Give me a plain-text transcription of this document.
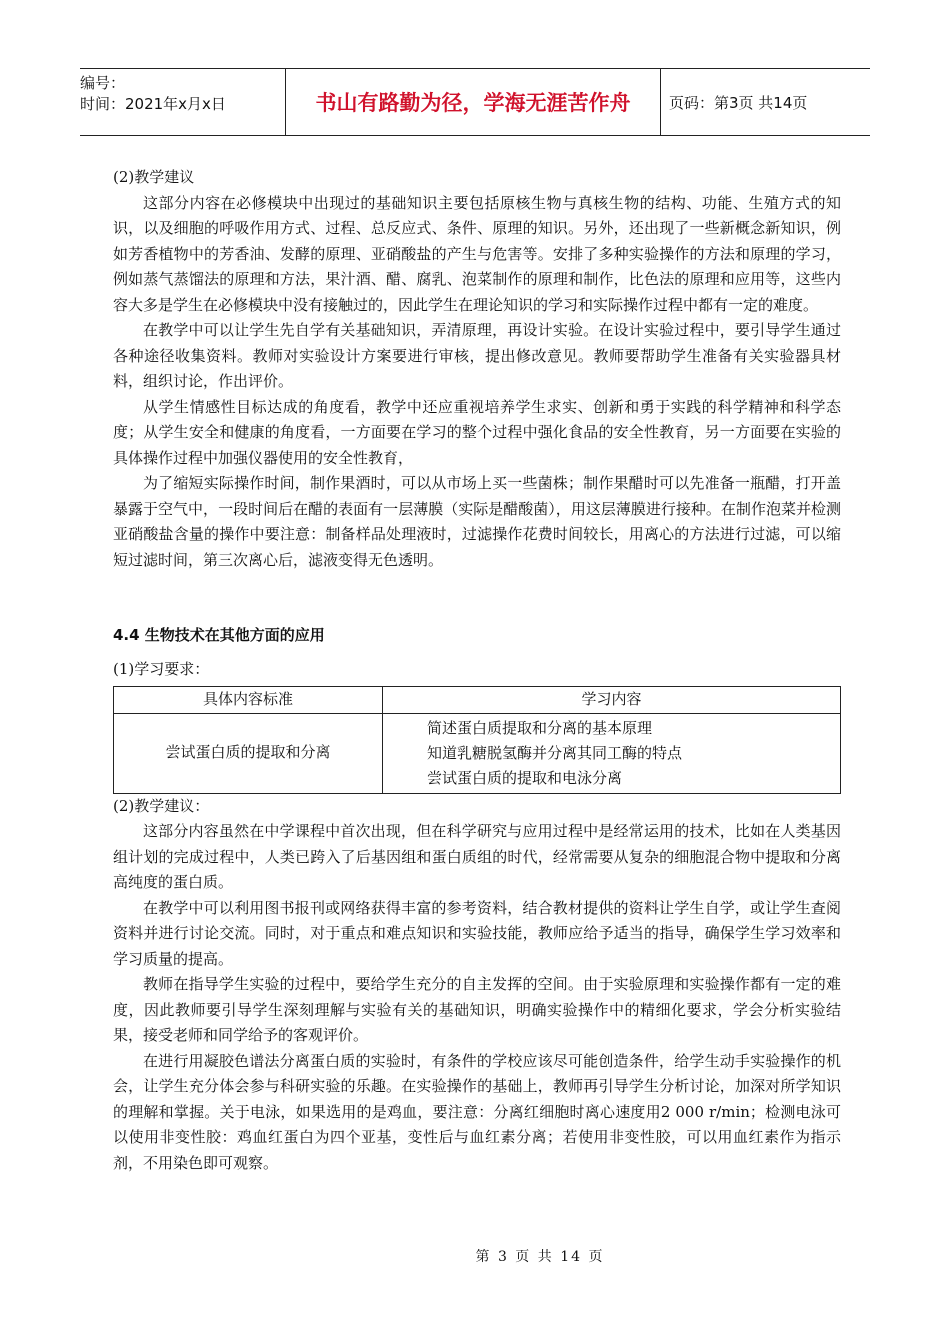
编号：
时间：2021年x月x日	书山有路勤为径，学海无涯苦作舟	页码：第3页 共14页

(2)教学建议

这部分内容在必修模块中出现过的基础知识主要包括原核生物与真核生物的结构、功能、生殖方式的知识，以及细胞的呼吸作用方式、过程、总反应式、条件、原理的知识。另外，还出现了一些新概念新知识，例如芳香植物中的芳香油、发酵的原理、亚硝酸盐的产生与危害等。安排了多种实验操作的方法和原理的学习，例如蒸气蒸馏法的原理和方法，果汁酒、醋、腐乳、泡菜制作的原理和制作，比色法的原理和应用等，这些内容大多是学生在必修模块中没有接触过的，因此学生在理论知识的学习和实际操作过程中都有一定的难度。

在教学中可以让学生先自学有关基础知识，弄清原理，再设计实验。在设计实验过程中，要引导学生通过各种途径收集资料。教师对实验设计方案要进行审核，提出修改意见。教师要帮助学生准备有关实验器具材料，组织讨论，作出评价。

从学生情感性目标达成的角度看，教学中还应重视培养学生求实、创新和勇于实践的科学精神和科学态度；从学生安全和健康的角度看，一方面要在学习的整个过程中强化食品的安全性教育，另一方面要在实验的具体操作过程中加强仪器使用的安全性教育，

为了缩短实际操作时间，制作果酒时，可以从市场上买一些菌株；制作果醋时可以先准备一瓶醋，打开盖暴露于空气中，一段时间后在醋的表面有一层薄膜（实际是醋酸菌），用这层薄膜进行接种。在制作泡菜并检测亚硝酸盐含量的操作中要注意：制备样品处理液时，过滤操作花费时间较长，用离心的方法进行过滤，可以缩短过滤时间，第三次离心后，滤液变得无色透明。

4.4 生物技术在其他方面的应用

(1)学习要求：

具体内容标准	学习内容
尝试蛋白质的提取和分离	简述蛋白质提取和分离的基本原理
知道乳糖脱氢酶并分离其同工酶的特点
尝试蛋白质的提取和电泳分离

(2)教学建议：

这部分内容虽然在中学课程中首次出现，但在科学研究与应用过程中是经常运用的技术，比如在人类基因组计划的完成过程中，人类已跨入了后基因组和蛋白质组的时代，经常需要从复杂的细胞混合物中提取和分离高纯度的蛋白质。

在教学中可以利用图书报刊或网络获得丰富的参考资料，结合教材提供的资料让学生自学，或让学生查阅资料并进行讨论交流。同时，对于重点和难点知识和实验技能，教师应给予适当的指导，确保学生学习效率和学习质量的提高。

教师在指导学生实验的过程中，要给学生充分的自主发挥的空间。由于实验原理和实验操作都有一定的难度，因此教师要引导学生深刻理解与实验有关的基础知识，明确实验操作中的精细化要求，学会分析实验结果，接受老师和同学给予的客观评价。

在进行用凝胶色谱法分离蛋白质的实验时，有条件的学校应该尽可能创造条件，给学生动手实验操作的机会，让学生充分体会参与科研实验的乐趣。在实验操作的基础上，教师再引导学生分析讨论，加深对所学知识的理解和掌握。关于电泳，如果选用的是鸡血，要注意：分离红细胞时离心速度用2 000 r/min；检测电泳可以使用非变性胶：鸡血红蛋白为四个亚基，变性后与血红素分离；若使用非变性胶，可以用血红素作为指示剂，不用染色即可观察。

第 3 页 共 14 页
